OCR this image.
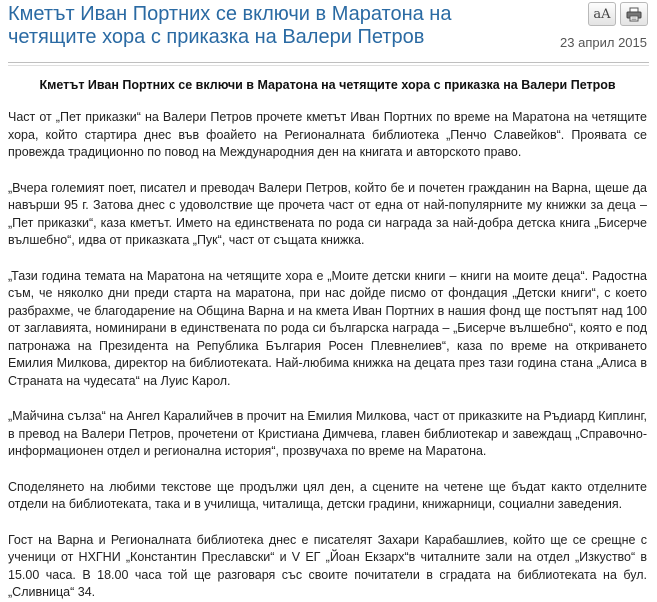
Кметът Иван Портних се включи в Маратона на четящите хора с приказка на Валери Петров
aA
23 април 2015
Кметът Иван Портних се включи в Маратона на четящите хора с приказка на Валери Петров

Част от „Пет приказки“ на Валери Петров прочете кметът Иван Портних по време на Маратона на четящите хора, който стартира днес във фоайето на Регионалната библиотека „Пенчо Славейков“. Проявата се провежда традиционно по повод на Международния ден на книгата и авторското право.

„Вчера големият поет, писател и преводач Валери Петров, който бе и почетен гражданин на Варна, щеше да навърши 95 г. Затова днес с удоволствие ще прочета част от една от най-популярните му книжки за деца – „Пет приказки“, каза кметът. Името на единствената по рода си награда за най-добра детска книга „Бисерче вълшебно“, идва от приказката „Пук“, част от същата книжка.

„Тази година темата на Маратона на четящите хора е „Моите детски книги – книги на моите деца“. Радостна съм, че няколко дни преди старта на маратона, при нас дойде писмо от фондация „Детски книги“, с което разбрахме, че благодарение на Община Варна и на кмета Иван Портних в нашия фонд ще постъпят над 100 от заглавията, номинирани в единствената по рода си българска награда – „Бисерче вълшебно“, която е под патронажа на Президента на Република България Росен Плевнелиев“, каза по време на откриването Емилия Милкова, директор на библиотеката. Най-любима книжка на децата през тази година стана „Алиса в Страната на чудесата“ на Луис Карол.

„Майчина сълза“ на Ангел Каралийчев в прочит на Емилия Милкова, част от приказките на Ръдиард Киплинг, в превод на Валери Петров, прочетени от Кристиана Димчева, главен библиотекар и завеждащ „Справочно-информационен отдел и регионална история“, прозвучаха по време на Маратона.

Споделянето на любими текстове ще продължи цял ден, а сцените на четене ще бъдат както отделните отдели на библиотеката, така и в училища, читалища, детски градини, книжарници, социални заведения.

Гост на Варна и Регионалната библиотека днес е писателят Захари Карабашлиев, който ще се срещне с ученици от НХГНИ „Константин Преславски“ и V ЕГ „Йоан Екзарх“в читалните зали на отдел „Изкуство“ в 15.00 часа. В 18.00 часа той ще разговаря със своите почитатели в сградата на библиотеката на бул. „Сливница“ 34.
